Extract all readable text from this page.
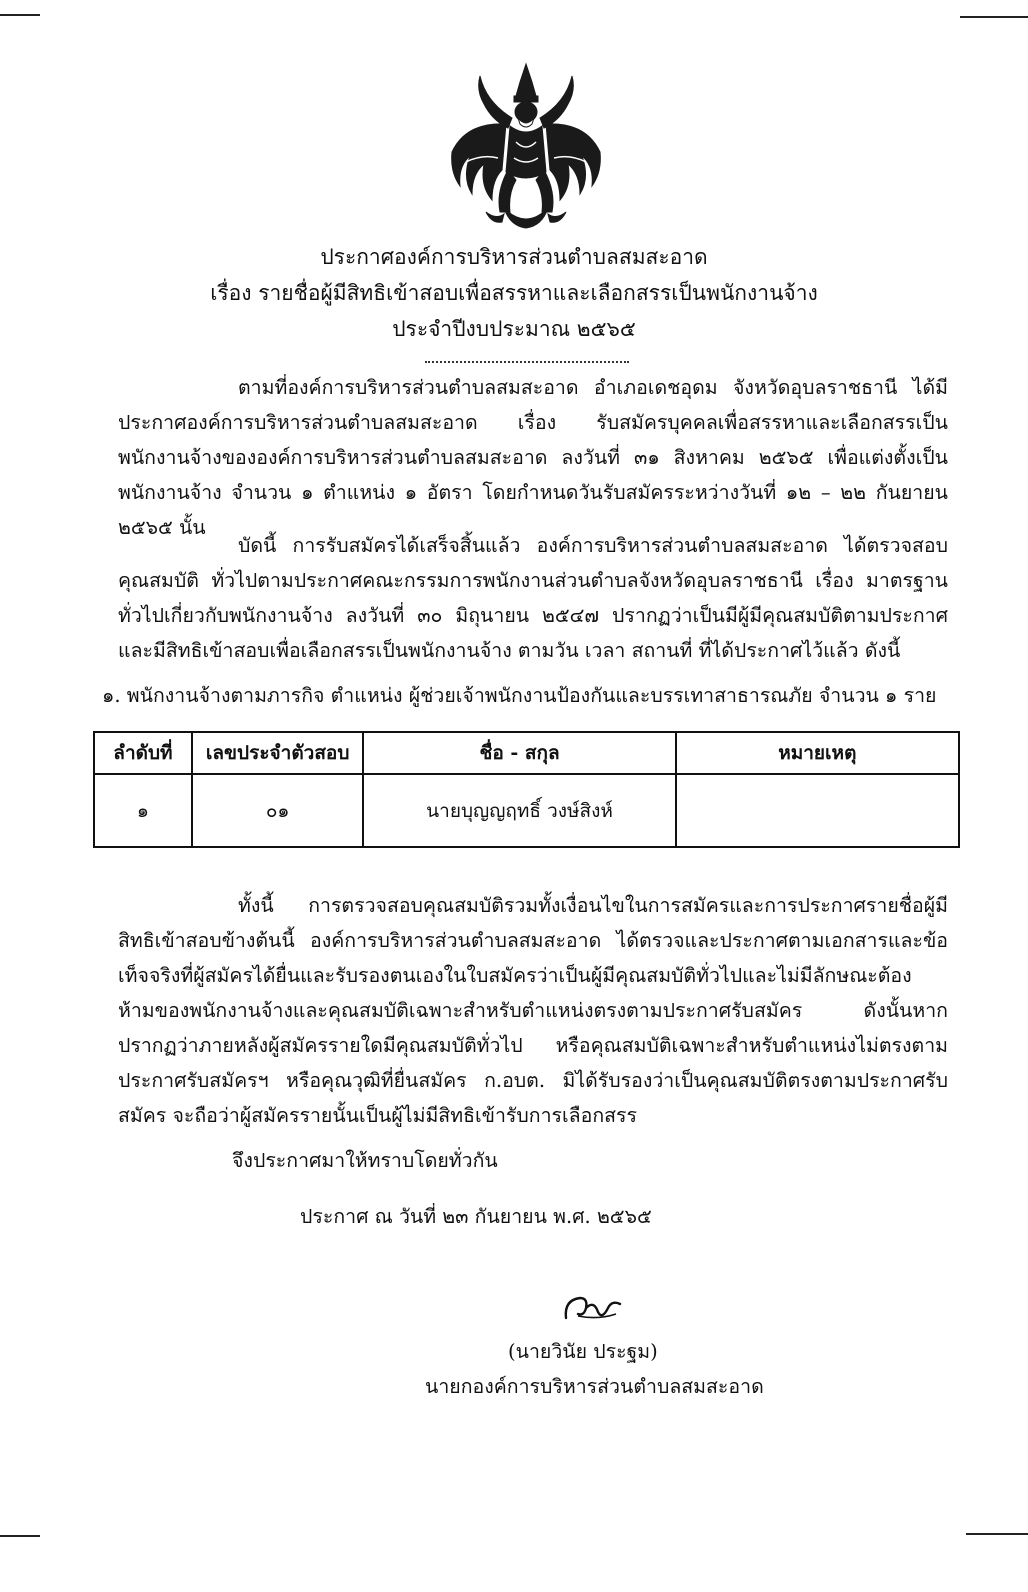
ประกาศองค์การบริหารส่วนตำบลสมสะอาด
เรื่อง รายชื่อผู้มีสิทธิเข้าสอบเพื่อสรรหาและเลือกสรรเป็นพนักงานจ้าง
ประจำปีงบประมาณ ๒๕๖๕

ตามที่องค์การบริหารส่วนตำบลสมสะอาด อำเภอเดชอุดม จังหวัดอุบลราชธานี ได้มีประกาศองค์การบริหารส่วนตำบลสมสะอาด เรื่อง รับสมัครบุคคลเพื่อสรรหาและเลือกสรรเป็นพนักงานจ้างขององค์การบริหารส่วนตำบลสมสะอาด ลงวันที่ ๓๑ สิงหาคม ๒๕๖๕ เพื่อแต่งตั้งเป็นพนักงานจ้าง จำนวน ๑ ตำแหน่ง ๑ อัตรา โดยกำหนดวันรับสมัครระหว่างวันที่ ๑๒ – ๒๒ กันยายน ๒๕๖๕ นั้น

บัดนี้ การรับสมัครได้เสร็จสิ้นแล้ว องค์การบริหารส่วนตำบลสมสะอาด ได้ตรวจสอบคุณสมบัติ ทั่วไปตามประกาศคณะกรรมการพนักงานส่วนตำบลจังหวัดอุบลราชธานี เรื่อง มาตรฐานทั่วไปเกี่ยวกับพนักงานจ้าง ลงวันที่ ๓๐ มิถุนายน ๒๕๔๗ ปรากฏว่าเป็นมีผู้มีคุณสมบัติตามประกาศและมีสิทธิเข้าสอบเพื่อเลือกสรรเป็นพนักงานจ้าง ตามวัน เวลา สถานที่ ที่ได้ประกาศไว้แล้ว ดังนี้

๑. พนักงานจ้างตามภารกิจ ตำแหน่ง ผู้ช่วยเจ้าพนักงานป้องกันและบรรเทาสาธารณภัย จำนวน ๑ ราย
ลำดับที่	เลขประจำตัวสอบ	ชื่อ - สกุล	หมายเหตุ
๑	๐๑	นายบุญญฤทธิ์ วงษ์สิงห์	

ทั้งนี้ การตรวจสอบคุณสมบัติรวมทั้งเงื่อนไขในการสมัครและการประกาศรายชื่อผู้มีสิทธิเข้าสอบข้างต้นนี้ องค์การบริหารส่วนตำบลสมสะอาด ได้ตรวจและประกาศตามเอกสารและข้อเท็จจริงที่ผู้สมัครได้ยื่นและรับรองตนเองในใบสมัครว่าเป็นผู้มีคุณสมบัติทั่วไปและไม่มีลักษณะต้องห้ามของพนักงานจ้างและคุณสมบัติเฉพาะสำหรับตำแหน่งตรงตามประกาศรับสมัคร ดังนั้นหากปรากฏว่าภายหลังผู้สมัครรายใดมีคุณสมบัติทั่วไป หรือคุณสมบัติเฉพาะสำหรับตำแหน่งไม่ตรงตามประกาศรับสมัครฯ หรือคุณวุฒิที่ยื่นสมัคร ก.อบต. มิได้รับรองว่าเป็นคุณสมบัติตรงตามประกาศรับสมัคร จะถือว่าผู้สมัครรายนั้นเป็นผู้ไม่มีสิทธิเข้ารับการเลือกสรร

จึงประกาศมาให้ทราบโดยทั่วกัน
ประกาศ ณ วันที่ ๒๓ กันยายน พ.ศ. ๒๕๖๕
(นายวินัย ประฐม)
นายกองค์การบริหารส่วนตำบลสมสะอาด
